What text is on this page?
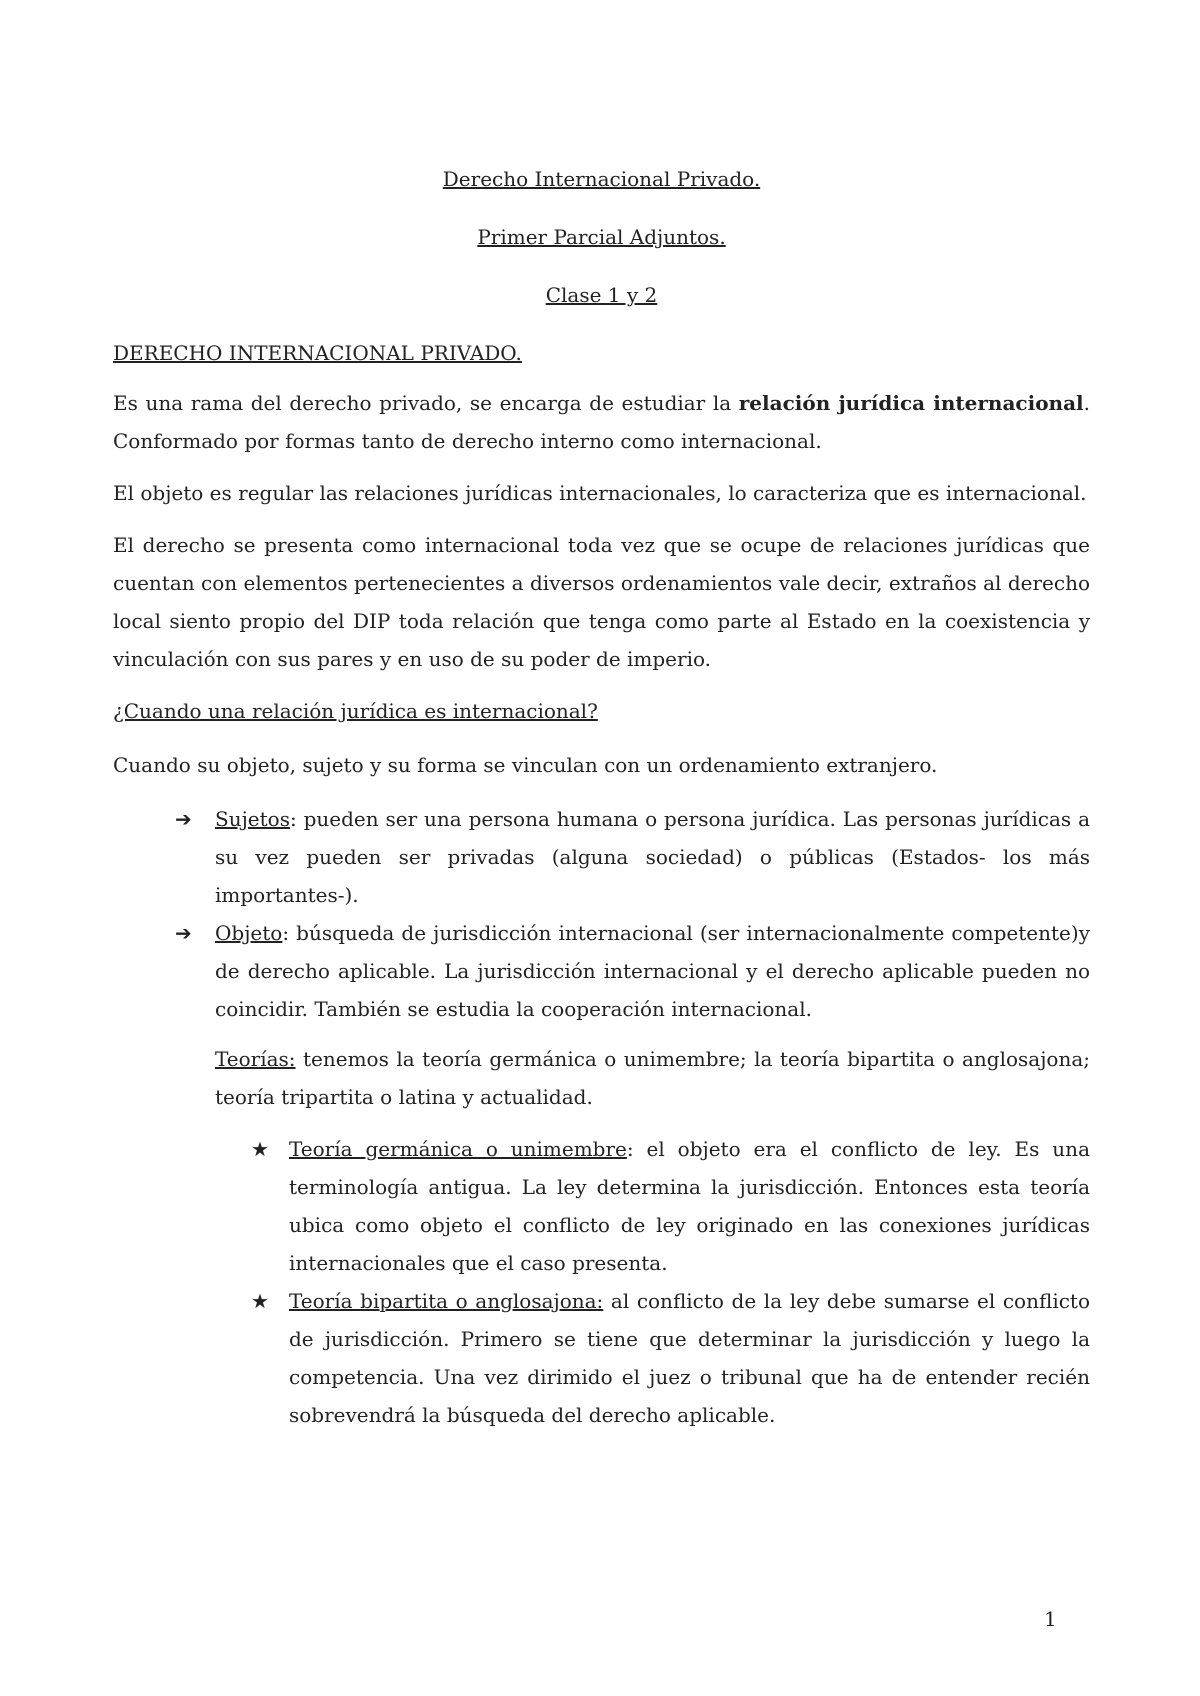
Derecho Internacional Privado.
Primer Parcial Adjuntos.
Clase 1 y 2
DERECHO INTERNACIONAL PRIVADO.

Es una rama del derecho privado, se encarga de estudiar la relación jurídica internacional. Conformado por formas tanto de derecho interno como internacional.

El objeto es regular las relaciones jurídicas internacionales, lo caracteriza que es internacional.

El derecho se presenta como internacional toda vez que se ocupe de relaciones jurídicas que cuentan con elementos pertenecientes a diversos ordenamientos vale decir, extraños al derecho local siento propio del DIP toda relación que tenga como parte al Estado en la coexistencia y vinculación con sus pares y en uso de su poder de imperio.

¿Cuando una relación jurídica es internacional?

Cuando su objeto, sujeto y su forma se vinculan con un ordenamiento extranjero.

➔ Sujetos: pueden ser una persona humana o persona jurídica. Las personas jurídicas a su vez pueden ser privadas (alguna sociedad) o públicas (Estados- los más importantes-).
➔ Objeto: búsqueda de jurisdicción internacional (ser internacionalmente competente)y de derecho aplicable. La jurisdicción internacional y el derecho aplicable pueden no coincidir. También se estudia la cooperación internacional.

Teorías: tenemos la teoría germánica o unimembre; la teoría bipartita o anglosajona; teoría tripartita o latina y actualidad.

★ Teoría germánica o unimembre: el objeto era el conflicto de ley. Es una terminología antigua. La ley determina la jurisdicción. Entonces esta teoría ubica como objeto el conflicto de ley originado en las conexiones jurídicas internacionales que el caso presenta.
★ Teoría bipartita o anglosajona: al conflicto de la ley debe sumarse el conflicto de jurisdicción. Primero se tiene que determinar la jurisdicción y luego la competencia. Una vez dirimido el juez o tribunal que ha de entender recién sobrevendrá la búsqueda del derecho aplicable.
1
